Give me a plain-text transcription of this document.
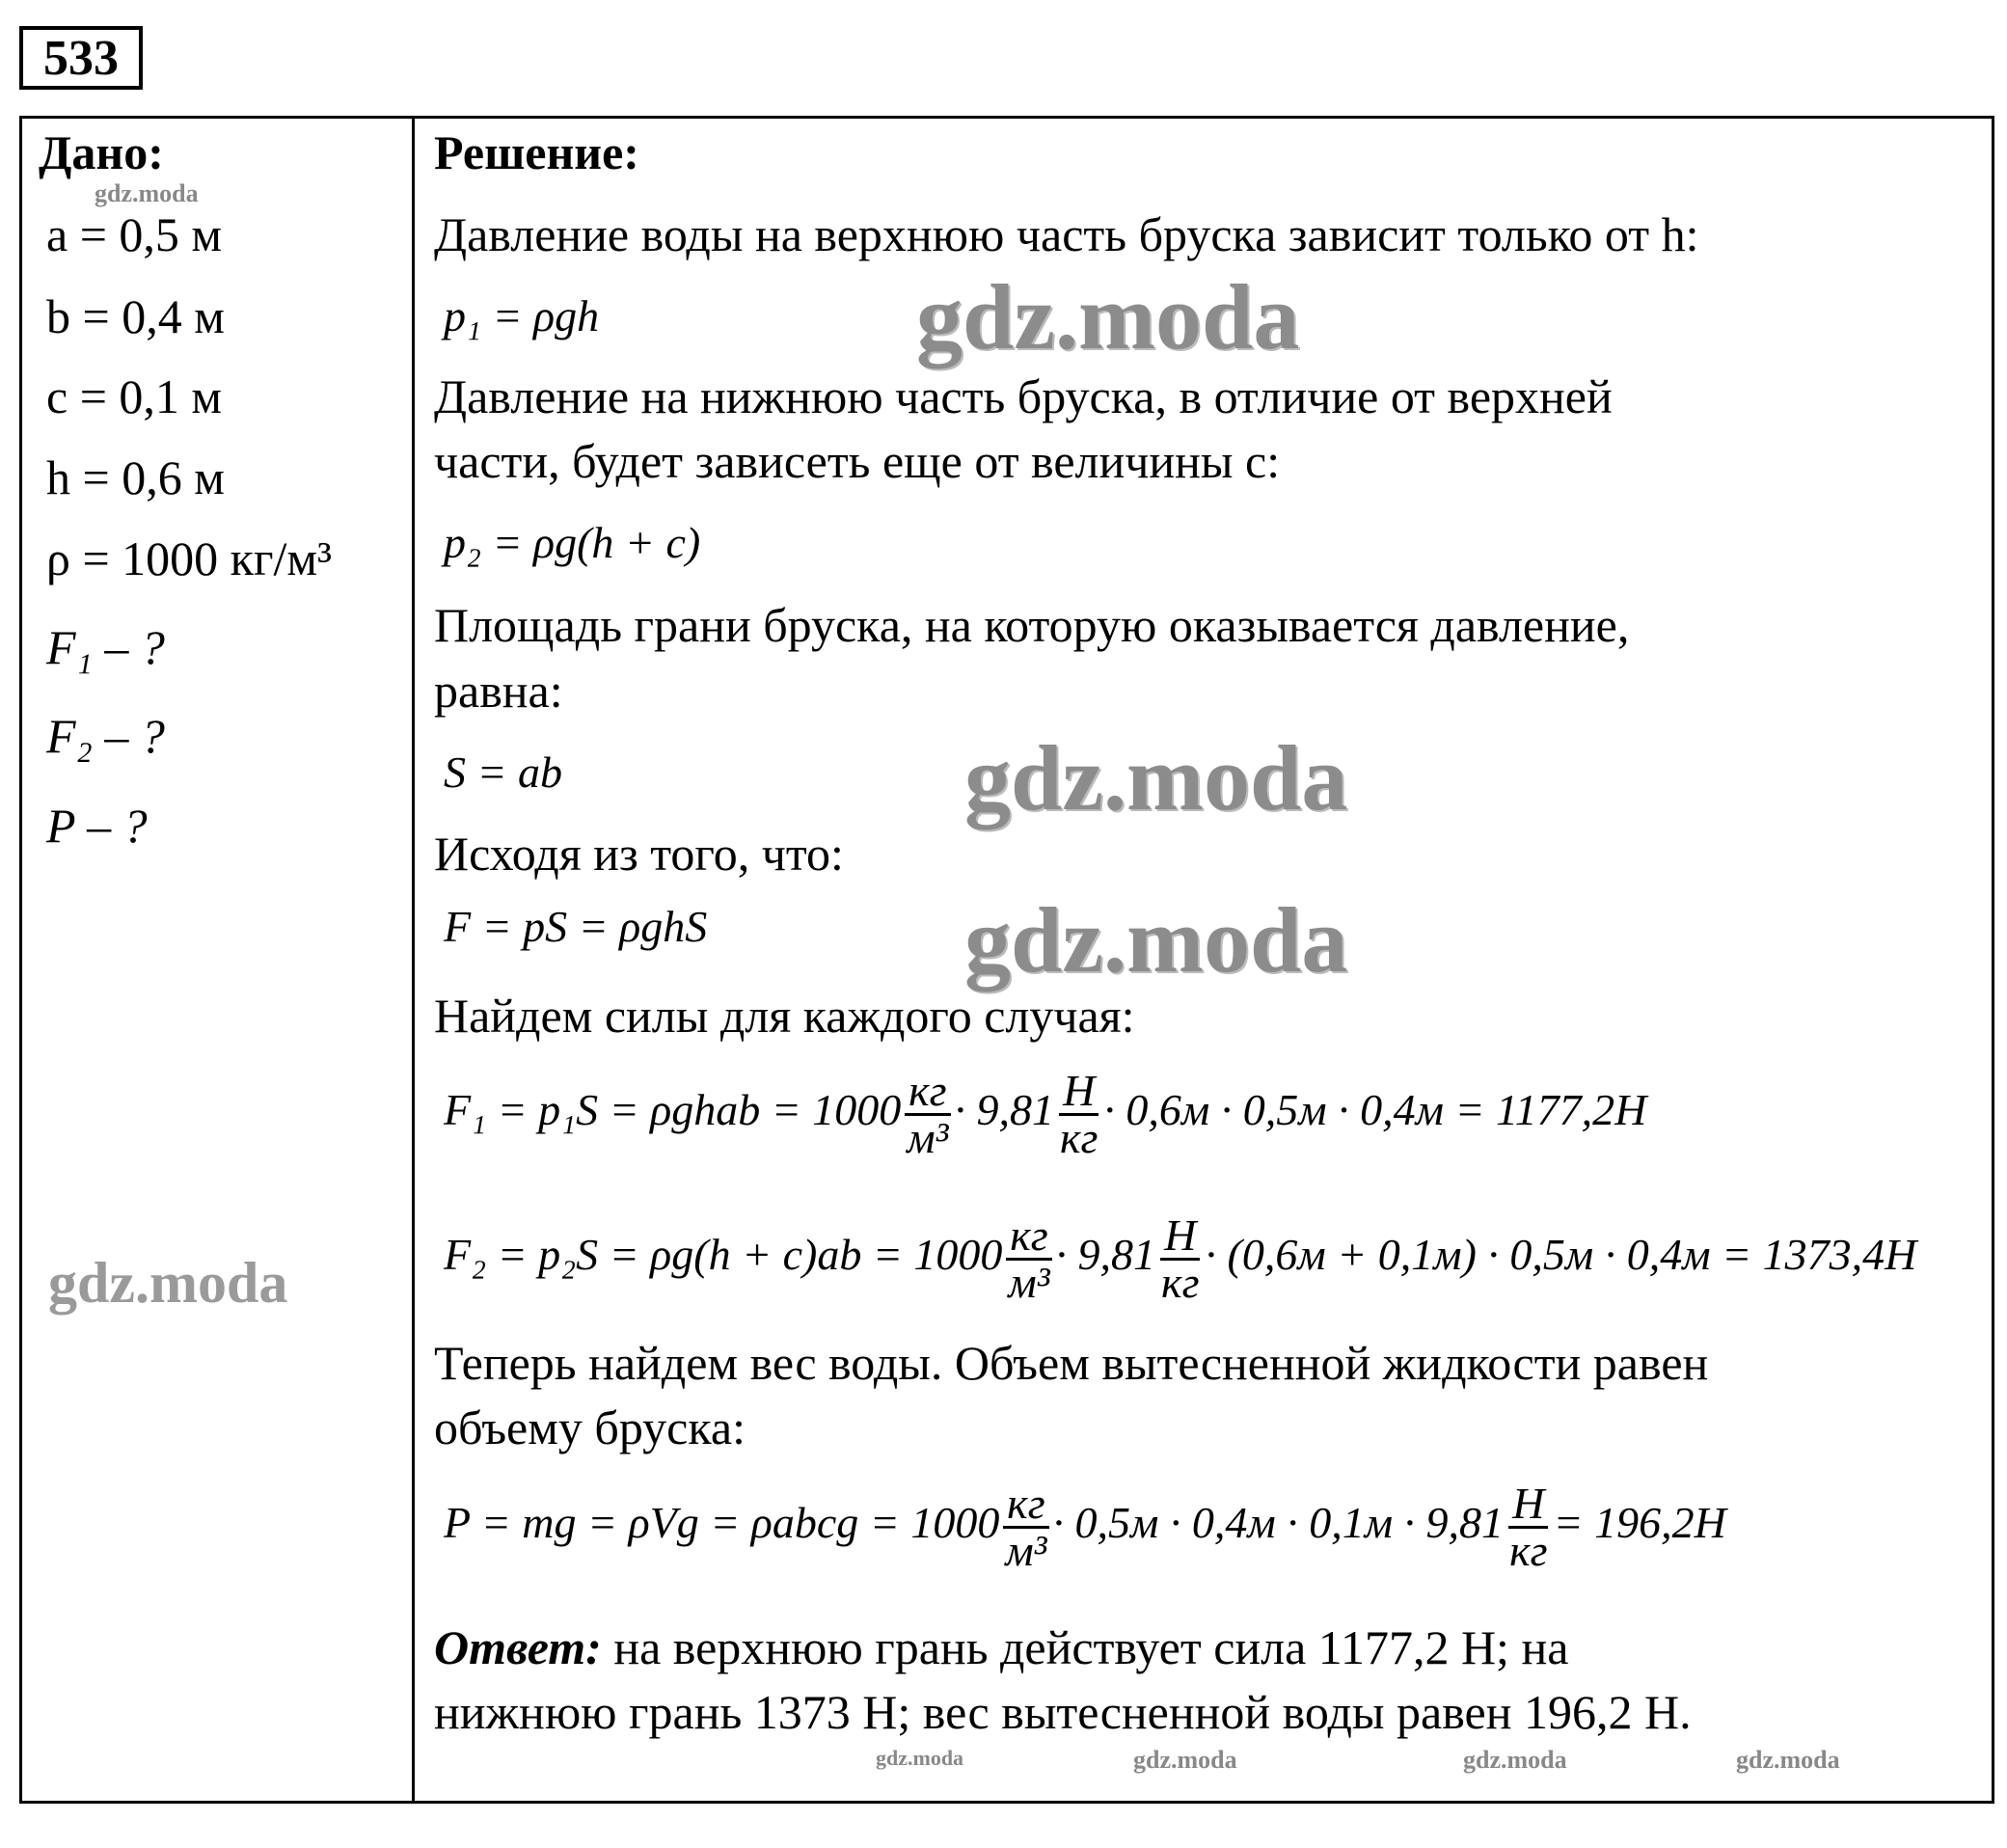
533
Дано:
a = 0,5 м
b = 0,4 м
c = 0,1 м
h = 0,6 м
ρ = 1000 кг/м³
F₁ – ?
F₂ – ?
P – ?
Решение:
Давление воды на верхнюю часть бруска зависит только от h:
p₁ = ρgh
Давление на нижнюю часть бруска, в отличие от верхней
части, будет зависеть еще от величины с:
p₂ = ρg(h + c)
Площадь грани бруска, на которую оказывается давление,
равна:
S = ab
Исходя из того, что:
F = pS = ρghS
Найдем силы для каждого случая:
F₁ = p₁S = ρghab = $1000 \frac{кг}{\text{м³}} \cdot 9,81 \frac{Н}{кг} \cdot 0,6м \cdot 0,5м \cdot 0,4м = 1177,2Н$
$F_2 = p_2S = \rho g(h + c)ab = 1000 \frac{кг}{\text{м³}} \cdot 9,81 \frac{Н}{кг} \cdot (0,6м + 0,1м) \cdot 0,5м \cdot 0,4м = 1373,4Н$
Теперь найдем вес воды. Объем вытесненной жидкости равен
объему бруска:
P = mg = ρVg = ρabcg = $1000 \frac{кг}{\text{м³}} \cdot 0,5м \cdot 0,4м \cdot 0,1м \cdot 9,81 \frac{Н}{кг} = 196,2Н$
Ответ: на верхнюю грань действует сила 1177,2 Н; на
нижнюю грань 1373 Н; вес вытесненной воды равен 196,2 Н.
gdz.moda
gdz.moda
gdz.moda
gdz.moda
gdz.moda
gdz.moda
gdz.moda	gdz.moda	gdz.moda
